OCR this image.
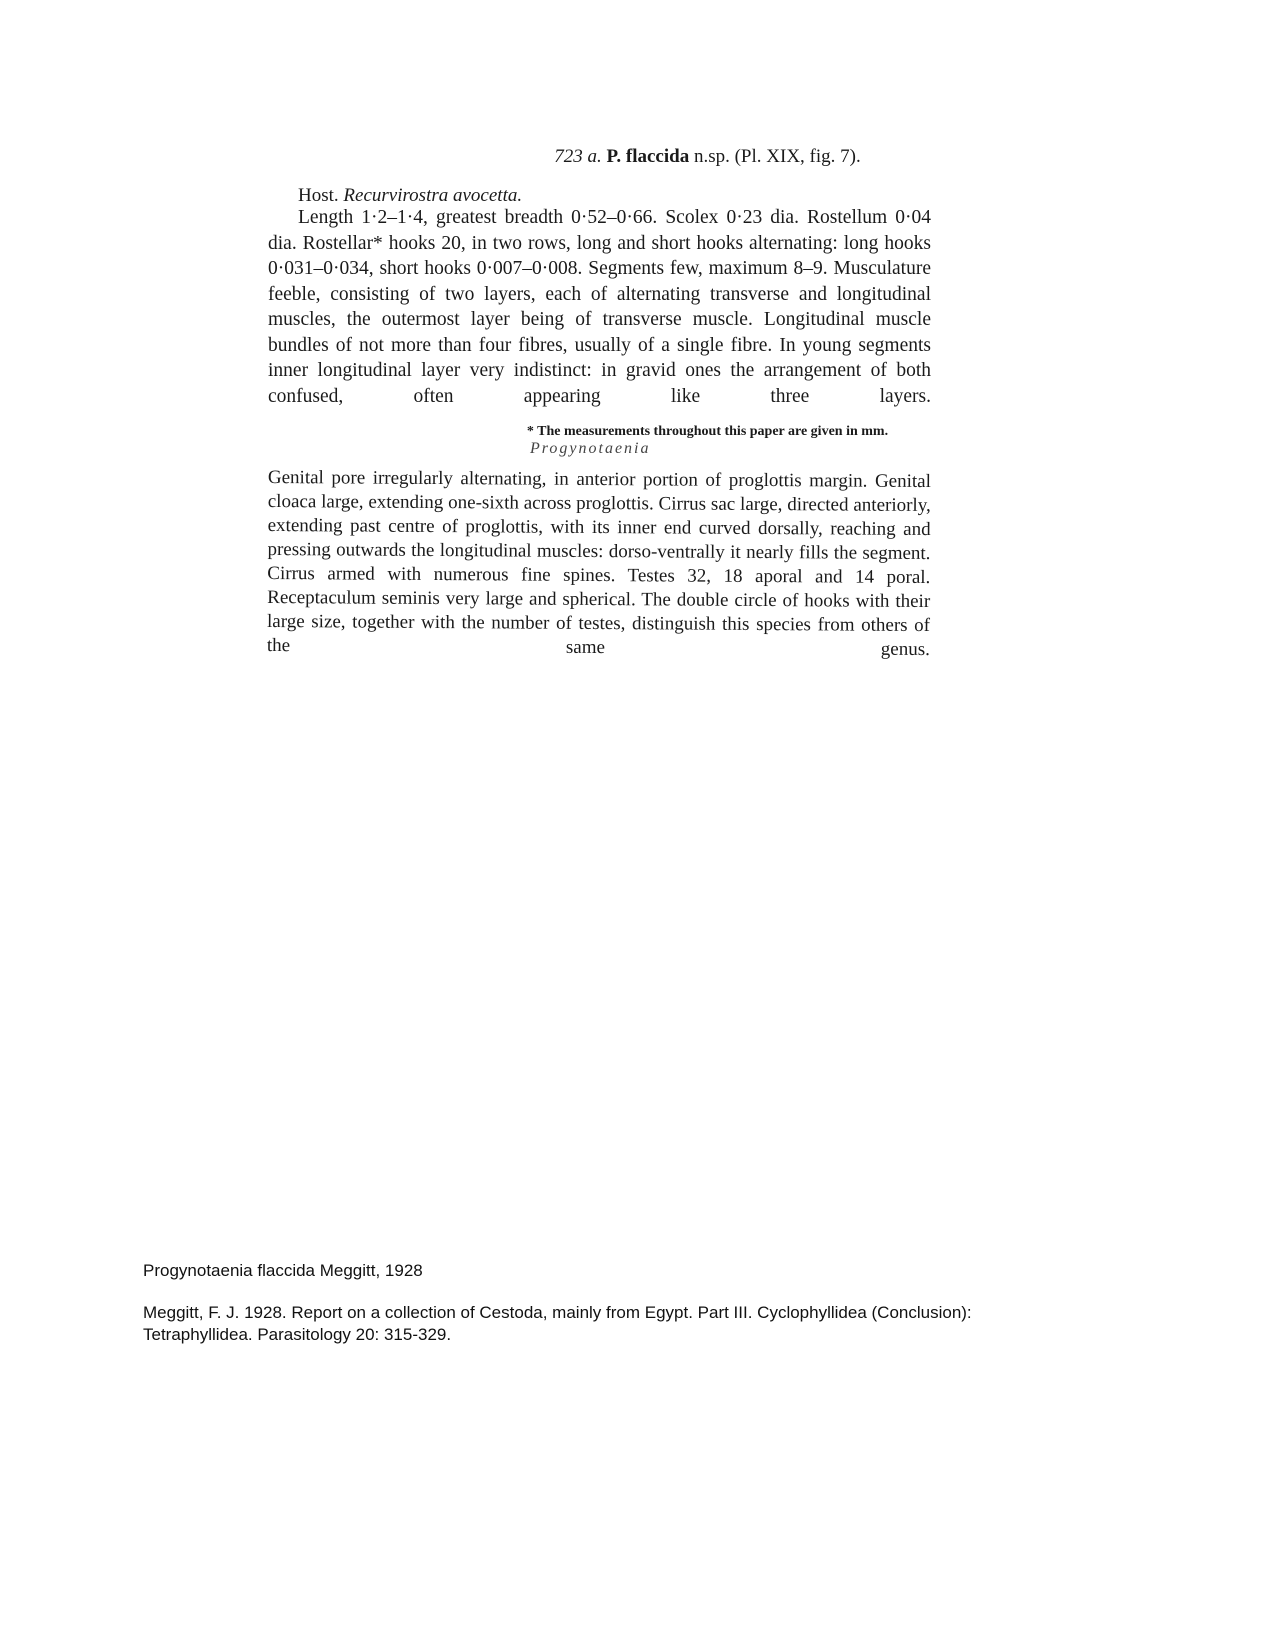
723 a. P. flaccida n.sp. (Pl. XIX, fig. 7).
Host. Recurvirostra avocetta.

Length 1·2–1·4, greatest breadth 0·52–0·66. Scolex 0·23 dia. Rostellum 0·04 dia. Rostellar* hooks 20, in two rows, long and short hooks alternating: long hooks 0·031–0·034, short hooks 0·007–0·008. Segments few, maximum 8–9. Musculature feeble, consisting of two layers, each of alternating transverse and longitudinal muscles, the outermost layer being of transverse muscle. Longitudinal muscle bundles of not more than four fibres, usually of a single fibre. In young segments inner longitudinal layer very indistinct: in gravid ones the arrangement of both confused, often appearing like three layers.

* The measurements throughout this paper are given in mm.
Progynotaenia

Genital pore irregularly alternating, in anterior portion of proglottis margin. Genital cloaca large, extending one-sixth across proglottis. Cirrus sac large, directed anteriorly, extending past centre of proglottis, with its inner end curved dorsally, reaching and pressing outwards the longitudinal muscles: dorso-ventrally it nearly fills the segment. Cirrus armed with numerous fine spines. Testes 32, 18 aporal and 14 poral. Receptaculum seminis very large and spherical. The double circle of hooks with their large size, together with the number of testes, distinguish this species from others of the same genus.

Progynotaenia flaccida Meggitt, 1928
Meggitt, F. J. 1928. Report on a collection of Cestoda, mainly from Egypt. Part III. Cyclophyllidea (Conclusion): Tetraphyllidea. Parasitology 20: 315-329.
